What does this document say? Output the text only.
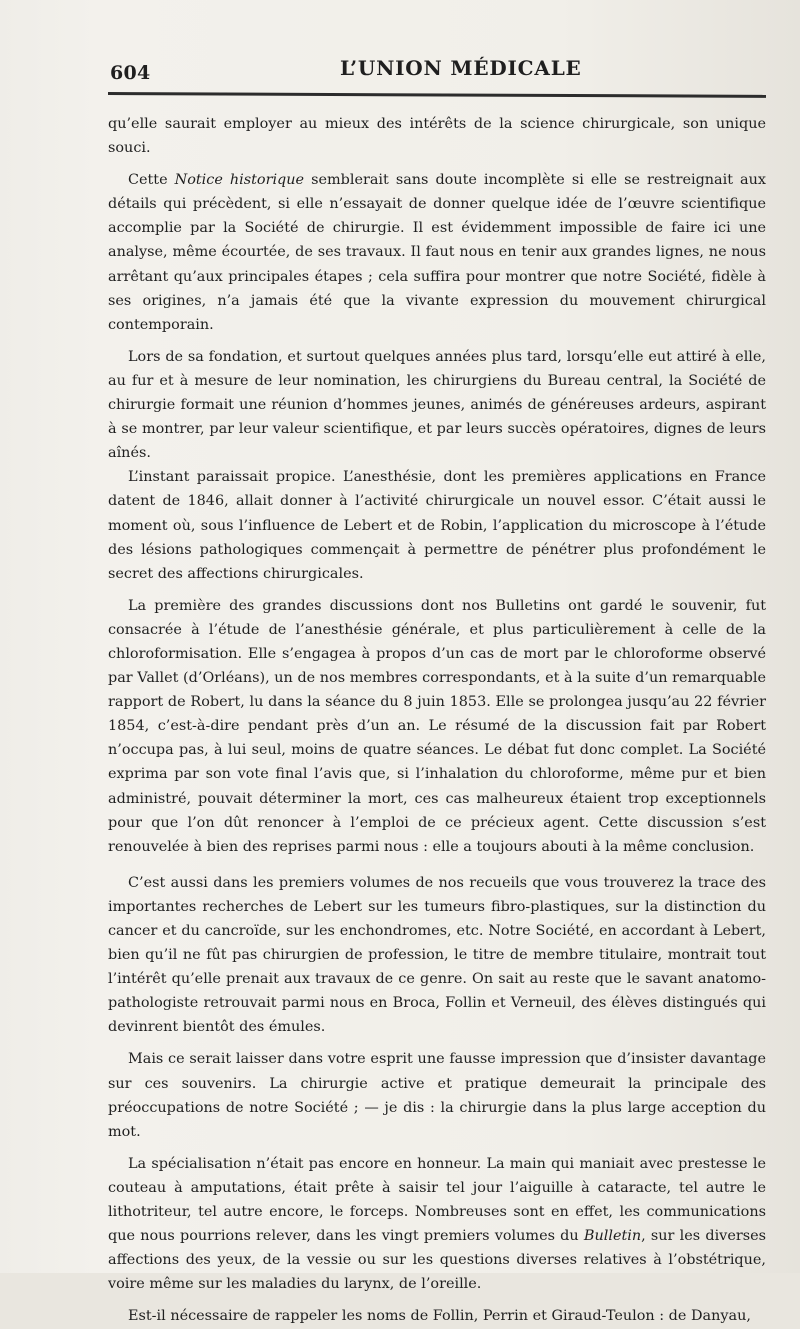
604	L’UNION MÉDICALE

qu’elle saurait employer au mieux des intérêts de la science chirurgicale, son unique souci.

Cette Notice historique semblerait sans doute incomplète si elle se restreignait aux détails qui précèdent, si elle n’essayait de donner quelque idée de l’œuvre scientifique accomplie par la Société de chirurgie. Il est évidemment impossible de faire ici une analyse, même écourtée, de ses travaux. Il faut nous en tenir aux grandes lignes, ne nous arrêtant qu’aux principales étapes ; cela suffira pour montrer que notre Société, fidèle à ses origines, n’a jamais été que la vivante expression du mouvement chirurgical contemporain.

Lors de sa fondation, et surtout quelques années plus tard, lorsqu’elle eut attiré à elle, au fur et à mesure de leur nomination, les chirurgiens du Bureau central, la Société de chirurgie formait une réunion d’hommes jeunes, animés de généreuses ardeurs, aspirant à se montrer, par leur valeur scientifique, et par leurs succès opératoires, dignes de leurs aînés.

L’instant paraissait propice. L’anesthésie, dont les premières applications en France datent de 1846, allait donner à l’activité chirurgicale un nouvel essor. C’était aussi le moment où, sous l’influence de Lebert et de Robin, l’application du microscope à l’étude des lésions pathologiques commençait à permettre de pénétrer plus profondément le secret des affections chirurgicales.

La première des grandes discussions dont nos Bulletins ont gardé le souvenir, fut consacrée à l’étude de l’anesthésie générale, et plus particulièrement à celle de la chloroformisation. Elle s’engagea à propos d’un cas de mort par le chloroforme observé par Vallet (d’Orléans), un de nos membres correspondants, et à la suite d’un remarquable rapport de Robert, lu dans la séance du 8 juin 1853. Elle se prolongea jusqu’au 22 février 1854, c’est-à-dire pendant près d’un an. Le résumé de la discussion fait par Robert n’occupa pas, à lui seul, moins de quatre séances. Le débat fut donc complet. La Société exprima par son vote final l’avis que, si l’inhalation du chloroforme, même pur et bien administré, pouvait déterminer la mort, ces cas malheureux étaient trop exceptionnels pour que l’on dût renoncer à l’emploi de ce précieux agent. Cette discussion s’est renouvelée à bien des reprises parmi nous : elle a toujours abouti à la même conclusion.

C’est aussi dans les premiers volumes de nos recueils que vous trouverez la trace des importantes recherches de Lebert sur les tumeurs fibro-plastiques, sur la distinction du cancer et du cancroïde, sur les enchondromes, etc. Notre Société, en accordant à Lebert, bien qu’il ne fût pas chirurgien de profession, le titre de membre titulaire, montrait tout l’intérêt qu’elle prenait aux travaux de ce genre. On sait au reste que le savant anatomo-pathologiste retrouvait parmi nous en Broca, Follin et Verneuil, des élèves distingués qui devinrent bientôt des émules.

Mais ce serait laisser dans votre esprit une fausse impression que d’insister davantage sur ces souvenirs. La chirurgie active et pratique demeurait la principale des préoccupations de notre Société ; — je dis : la chirurgie dans la plus large acception du mot.

La spécialisation n’était pas encore en honneur. La main qui maniait avec prestesse le couteau à amputations, était prête à saisir tel jour l’aiguille à cataracte, tel autre le lithotriteur, tel autre encore, le forceps. Nombreuses sont en effet, les communications que nous pourrions relever, dans les vingt premiers volumes du Bulletin, sur les diverses affections des yeux, de la vessie ou sur les questions diverses relatives à l’obstétrique, voire même sur les maladies du larynx, de l’oreille.

Est-il nécessaire de rappeler les noms de Follin, Perrin et Giraud-Teulon : de Danyau,
